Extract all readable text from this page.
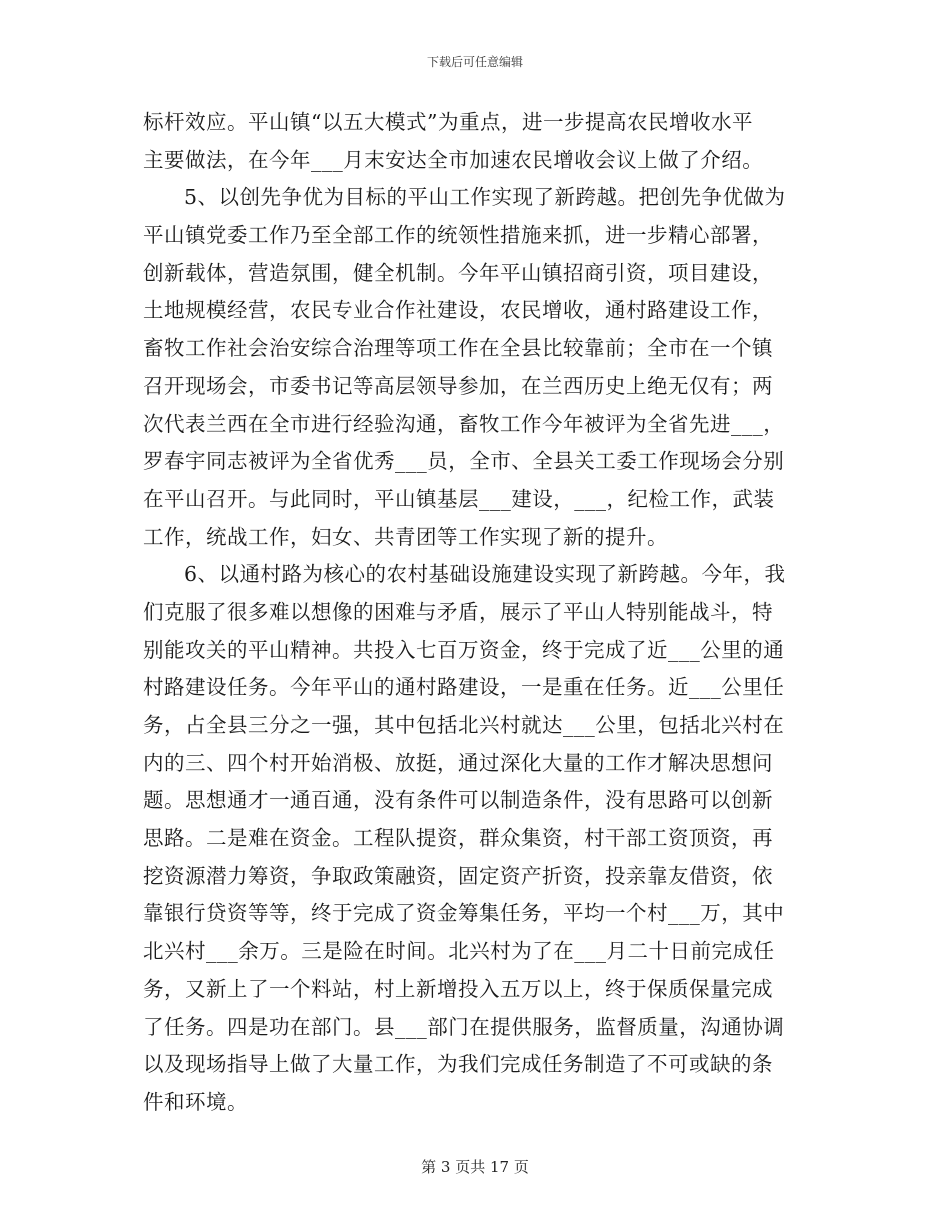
下载后可任意编辑
标杆效应。平山镇“以五大模式”为重点，进一步提高农民增收水平
主要做法，在今年___月末安达全市加速农民增收会议上做了介绍。
5、以创先争优为目标的平山工作实现了新跨越。把创先争优做为
平山镇党委工作乃至全部工作的统领性措施来抓，进一步精心部署，
创新载体，营造氛围，健全机制。今年平山镇招商引资，项目建设，
土地规模经营，农民专业合作社建设，农民增收，通村路建设工作，
畜牧工作社会治安综合治理等项工作在全县比较靠前；全市在一个镇
召开现场会，市委书记等高层领导参加，在兰西历史上绝无仅有；两
次代表兰西在全市进行经验沟通，畜牧工作今年被评为全省先进___，
罗春宇同志被评为全省优秀___员，全市、全县关工委工作现场会分别
在平山召开。与此同时，平山镇基层___建设，___，纪检工作，武装
工作，统战工作，妇女、共青团等工作实现了新的提升。
6、以通村路为核心的农村基础设施建设实现了新跨越。今年，我
们克服了很多难以想像的困难与矛盾，展示了平山人特别能战斗，特
别能攻关的平山精神。共投入七百万资金，终于完成了近___公里的通
村路建设任务。今年平山的通村路建设，一是重在任务。近___公里任
务，占全县三分之一强，其中包括北兴村就达___公里，包括北兴村在
内的三、四个村开始消极、放挺，通过深化大量的工作才解决思想问
题。思想通才一通百通，没有条件可以制造条件，没有思路可以创新
思路。二是难在资金。工程队提资，群众集资，村干部工资顶资，再
挖资源潜力筹资，争取政策融资，固定资产折资，投亲靠友借资，依
靠银行贷资等等，终于完成了资金筹集任务，平均一个村___万，其中
北兴村___余万。三是险在时间。北兴村为了在___月二十日前完成任
务，又新上了一个料站，村上新增投入五万以上，终于保质保量完成
了任务。四是功在部门。县___部门在提供服务，监督质量，沟通协调
以及现场指导上做了大量工作，为我们完成任务制造了不可或缺的条
件和环境。
第 3 页共 17 页
